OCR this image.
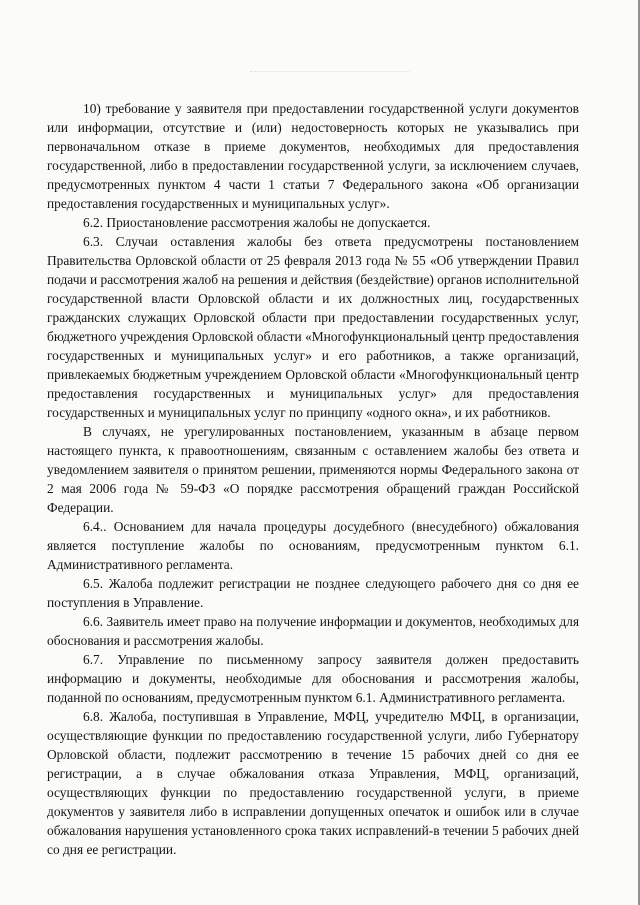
10) требование у заявителя при предоставлении государственной услуги документов или информации, отсутствие и (или) недостоверность которых не указывались при первоначальном отказе в приеме документов, необходимых для предоставления государственной, либо в предоставлении государственной услуги, за исключением случаев, предусмотренных пунктом 4 части 1 статьи 7 Федерального закона «Об организации предоставления государственных и муниципальных услуг».

6.2. Приостановление рассмотрения жалобы не допускается.

6.3. Случаи оставления жалобы без ответа предусмотрены постановлением Правительства Орловской области от 25 февраля 2013 года № 55 «Об утверждении Правил подачи и рассмотрения жалоб на решения и действия (бездействие) органов исполнительной государственной власти Орловской области и их должностных лиц, государственных гражданских служащих Орловской области при предоставлении государственных услуг, бюджетного учреждения Орловской области «Многофункциональный центр предоставления государственных и муниципальных услуг» и его работников, а также организаций, привлекаемых бюджетным учреждением Орловской области «Многофункциональный центр предоставления государственных и муниципальных услуг» для предоставления государственных и муниципальных услуг по принципу «одного окна», и их работников.

В случаях, не урегулированных постановлением, указанным в абзаце первом настоящего пункта, к правоотношениям, связанным с оставлением жалобы без ответа и уведомлением заявителя о принятом решении, применяются нормы Федерального закона от 2 мая 2006 года № 59-ФЗ «О порядке рассмотрения обращений граждан Российской Федерации.

6.4.. Основанием для начала процедуры досудебного (внесудебного) обжалования является поступление жалобы по основаниям, предусмотренным пунктом 6.1. Административного регламента.

6.5. Жалоба подлежит регистрации не позднее следующего рабочего дня со дня ее поступления в Управление.

6.6. Заявитель имеет право на получение информации и документов, необходимых для обоснования и рассмотрения жалобы.

6.7. Управление по письменному запросу заявителя должен предоставить информацию и документы, необходимые для обоснования и рассмотрения жалобы, поданной по основаниям, предусмотренным пунктом 6.1. Административного регламента.

6.8. Жалоба, поступившая в Управление, МФЦ, учредителю МФЦ, в организации, осуществляющие функции по предоставлению государственной услуги, либо Губернатору Орловской области, подлежит рассмотрению в течение 15 рабочих дней со дня ее регистрации, а в случае обжалования отказа Управления, МФЦ, организаций, осуществляющих функции по предоставлению государственной услуги, в приеме документов у заявителя либо в исправлении допущенных опечаток и ошибок или в случае обжалования нарушения установленного срока таких исправлений-в течении 5 рабочих дней со дня ее регистрации.
